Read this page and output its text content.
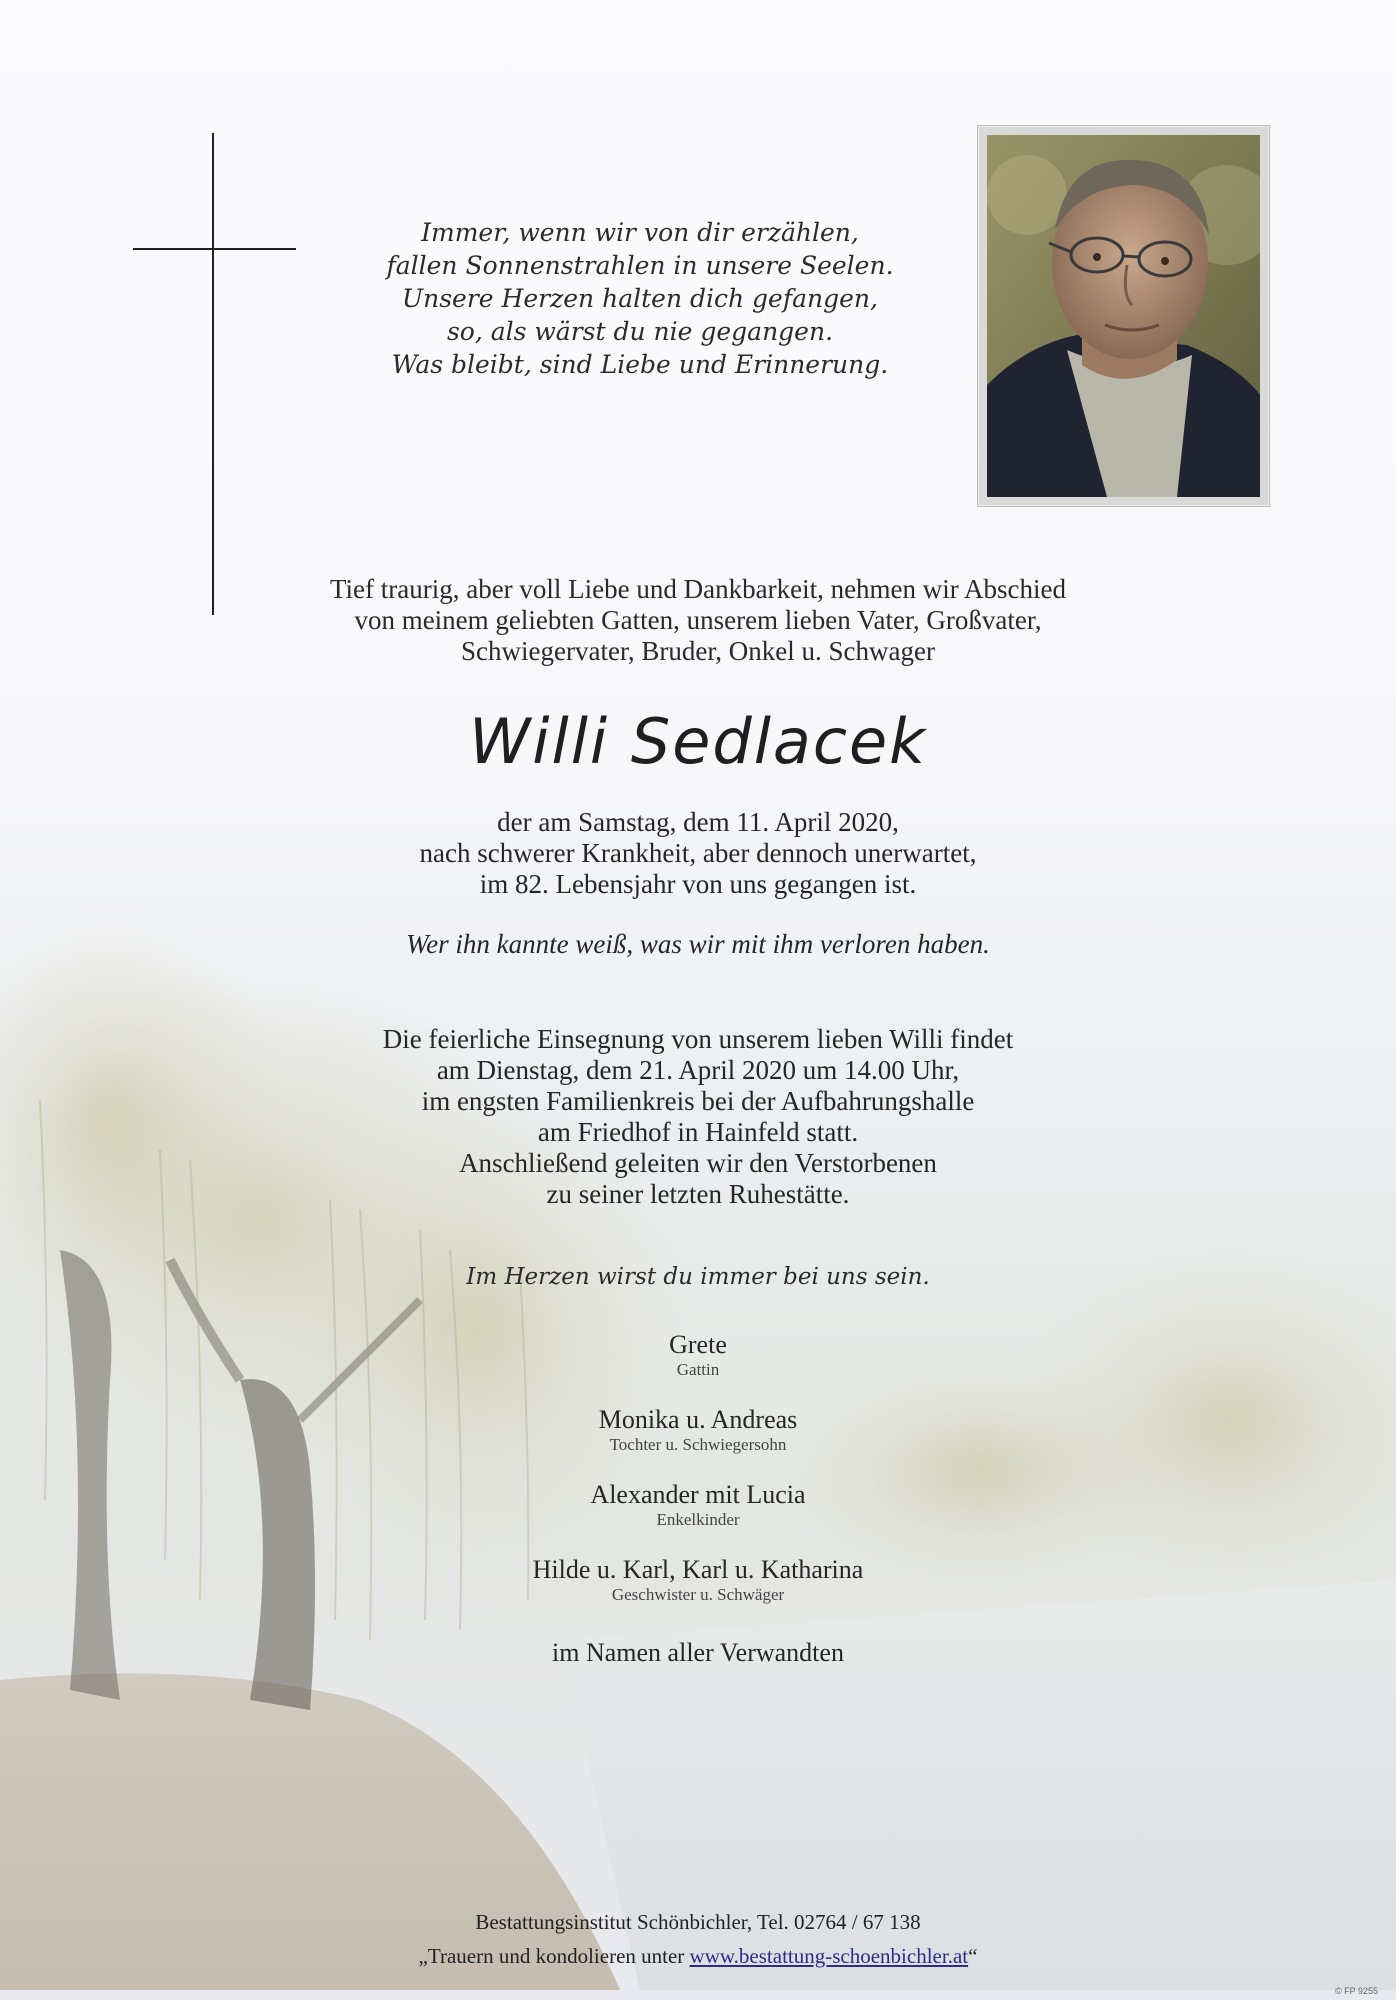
Immer, wenn wir von dir erzählen,
fallen Sonnenstrahlen in unsere Seelen.
Unsere Herzen halten dich gefangen,
so, als wärst du nie gegangen.
Was bleibt, sind Liebe und Erinnerung.
Tief traurig, aber voll Liebe und Dankbarkeit, nehmen wir Abschied
von meinem geliebten Gatten, unserem lieben Vater, Großvater,
Schwiegervater, Bruder, Onkel u. Schwager
Willi Sedlacek
der am Samstag, dem 11. April 2020,
nach schwerer Krankheit, aber dennoch unerwartet,
im 82. Lebensjahr von uns gegangen ist.
Wer ihn kannte weiß, was wir mit ihm verloren haben.
Die feierliche Einsegnung von unserem lieben Willi findet
am Dienstag, dem 21. April 2020 um 14.00 Uhr,
im engsten Familienkreis bei der Aufbahrungshalle
am Friedhof in Hainfeld statt.
Anschließend geleiten wir den Verstorbenen
zu seiner letzten Ruhestätte.
Im Herzen wirst du immer bei uns sein.
Grete
Gattin
Monika u. Andreas
Tochter u. Schwiegersohn
Alexander mit Lucia
Enkelkinder
Hilde u. Karl, Karl u. Katharina
Geschwister u. Schwäger
im Namen aller Verwandten
Bestattungsinstitut Schönbichler, Tel. 02764 / 67 138
„Trauern und kondolieren unter www.bestattung-schoenbichler.at“
© FP 9255
